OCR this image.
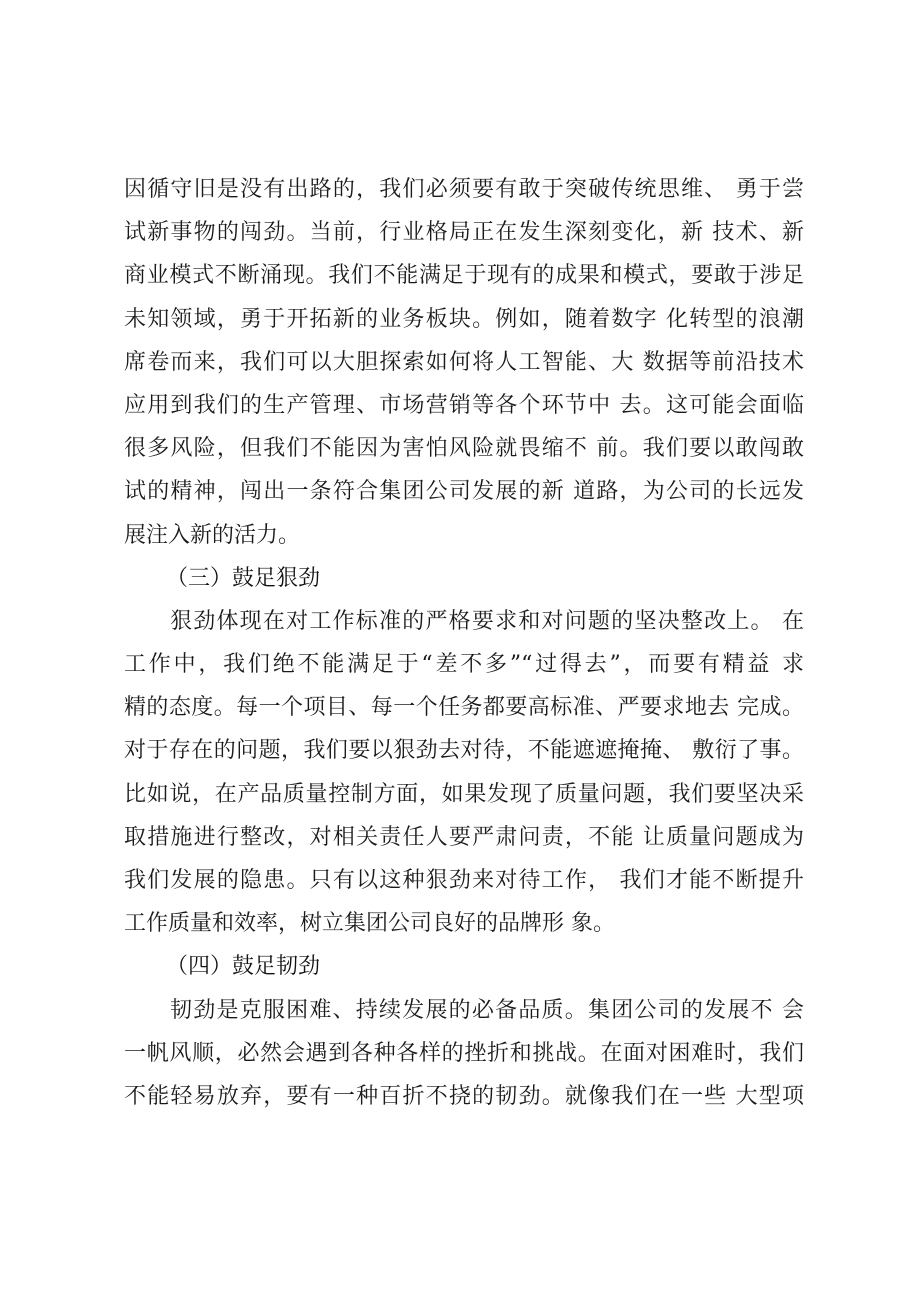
因循守旧是没有出路的，我们必须要有敢于突破传统思维、 勇于尝
试新事物的闯劲。当前，行业格局正在发生深刻变化，新 技术、新
商业模式不断涌现。我们不能满足于现有的成果和模式，要敢于涉足
未知领域，勇于开拓新的业务板块。例如，随着数字 化转型的浪潮
席卷而来，我们可以大胆探索如何将人工智能、大 数据等前沿技术
应用到我们的生产管理、市场营销等各个环节中 去。这可能会面临
很多风险，但我们不能因为害怕风险就畏缩不 前。我们要以敢闯敢
试的精神，闯出一条符合集团公司发展的新 道路，为公司的长远发
展注入新的活力。
（三）鼓足狠劲
狠劲体现在对工作标准的严格要求和对问题的坚决整改上。 在
工作中，我们绝不能满足于“差不多”“过得去”，而要有精益 求
精的态度。每一个项目、每一个任务都要高标准、严要求地去 完成。
对于存在的问题，我们要以狠劲去对待，不能遮遮掩掩、 敷衍了事。
比如说，在产品质量控制方面，如果发现了质量问题，我们要坚决采
取措施进行整改，对相关责任人要严肃问责，不能 让质量问题成为
我们发展的隐患。只有以这种狠劲来对待工作， 我们才能不断提升
工作质量和效率，树立集团公司良好的品牌形 象。
（四）鼓足韧劲
韧劲是克服困难、持续发展的必备品质。集团公司的发展不 会
一帆风顺，必然会遇到各种各样的挫折和挑战。在面对困难时，我们
不能轻易放弃，要有一种百折不挠的韧劲。就像我们在一些 大型项
